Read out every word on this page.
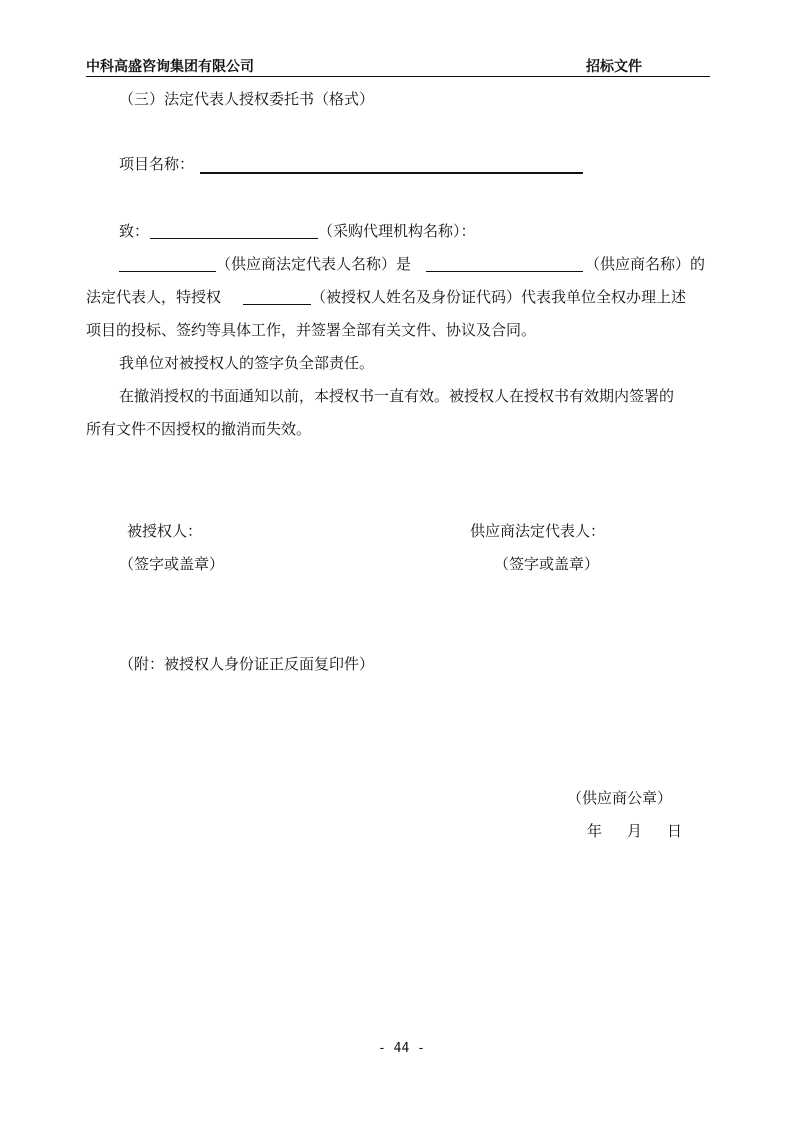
中科高盛咨询集团有限公司	招标文件
（三）法定代表人授权委托书（格式）
项目名称：
致：	（采购代理机构名称）：
（供应商法定代表人名称）是	（供应商名称）的
法定代表人，特授权	（被授权人姓名及身份证代码）代表我单位全权办理上述
项目的投标、签约等具体工作，并签署全部有关文件、协议及合同。
我单位对被授权人的签字负全部责任。
在撤消授权的书面通知以前，本授权书一直有效。被授权人在授权书有效期内签署的
所有文件不因授权的撤消而失效。
被授权人：
（签字或盖章）
供应商法定代表人：
（签字或盖章）
（附：被授权人身份证正反面复印件）
（供应商公章）
年 月 日
- 44 -
